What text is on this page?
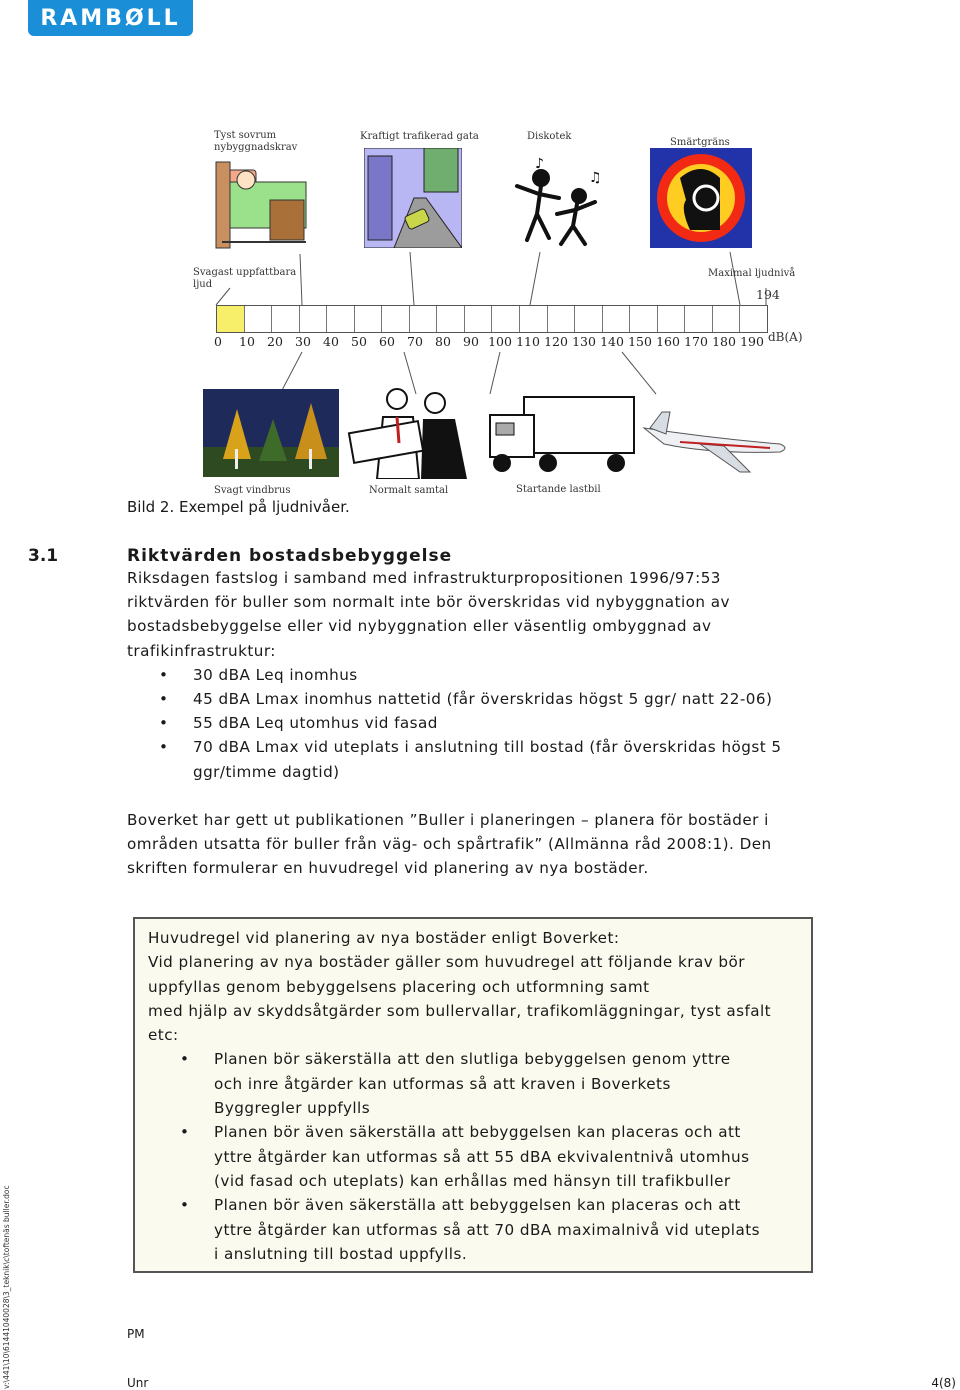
RAMBØLL
Tyst sovrum
nybyggnadskrav
Kraftigt trafikerad gata	Diskotek
Smärtgräns
♪
♫
Svagast uppfattbara
ljud
Maximal ljudnivå
194
0 10 20 30 40 50 60 70 80 90 100 110 120 130 140 150 160 170 180 190 dB(A)
Svagt vindbrus	Normalt samtal	Startande lastbil
Bild 2. Exempel på ljudnivåer.
3.1	Riktvärden bostadsbebyggelse

Riksdagen fastslog i samband med infrastrukturpropositionen 1996/97:53

riktvärden för buller som normalt inte bör överskridas vid nybyggnation av

bostadsbebyggelse eller vid nybyggnation eller väsentlig ombyggnad av

trafikinfrastruktur:

• 30 dBA Leq inomhus
• 45 dBA Lmax inomhus nattetid (får överskridas högst 5 ggr/ natt 22-06)
• 55 dBA Leq utomhus vid fasad
• 70 dBA Lmax vid uteplats i anslutning till bostad (får överskridas högst 5 ggr/timme dagtid)

Boverket har gett ut publikationen ”Buller i planeringen – planera för bostäder i

områden utsatta för buller från väg- och spårtrafik” (Allmänna råd 2008:1). Den

skriften formulerar en huvudregel vid planering av nya bostäder.

Huvudregel vid planering av nya bostäder enligt Boverket:

Vid planering av nya bostäder gäller som huvudregel att följande krav bör

uppfyllas genom bebyggelsens placering och utformning samt

med hjälp av skyddsåtgärder som bullervallar, trafikomläggningar, tyst asfalt

etc:

• Planen bör säkerställa att den slutliga bebyggelsen genom yttre och inre åtgärder kan utformas så att kraven i Boverkets Byggregler uppfylls
• Planen bör även säkerställa att bebyggelsen kan placeras och att yttre åtgärder kan utformas så att 55 dBA ekvivalentnivå utomhus (vid fasad och uteplats) kan erhållas med hänsyn till trafikbuller
• Planen bör även säkerställa att bebyggelsen kan placeras och att yttre åtgärder kan utformas så att 70 dBA maximalnivå vid uteplats i anslutning till bostad uppfylls.
PM
Unr	4(8)
v:\441\10\61441040028\3_teknik\c\toftenäs buller.doc
